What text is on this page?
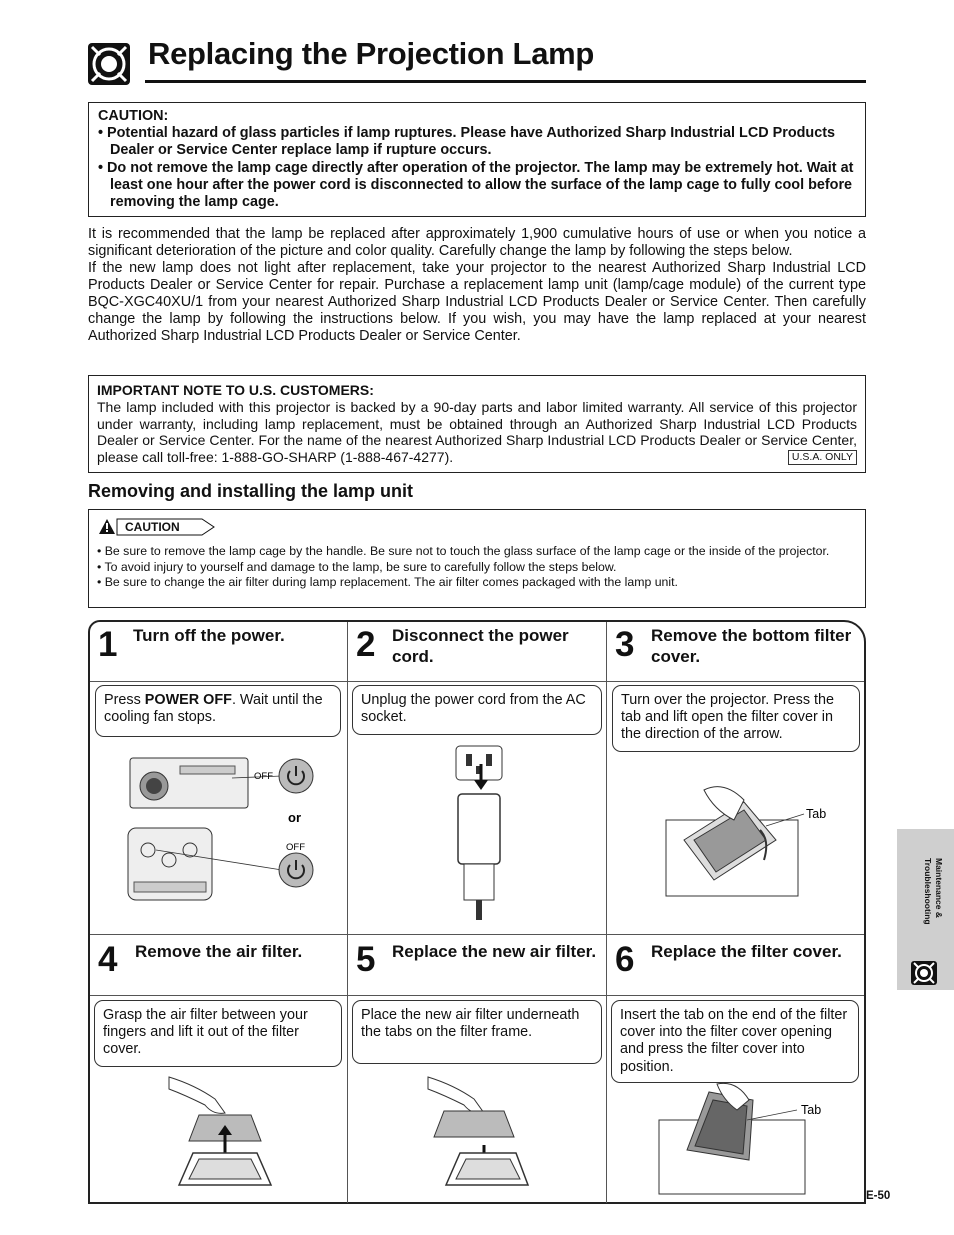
Replacing the Projection Lamp
CAUTION:
• Potential hazard of glass particles if lamp ruptures. Please have Authorized Sharp Industrial LCD Products Dealer or Service Center replace lamp if rupture occurs.
• Do not remove the lamp cage directly after operation of the projector. The lamp may be extremely hot. Wait at least one hour after the power cord is disconnected to allow the surface of the lamp cage to fully cool before removing the lamp cage.

It is recommended that the lamp be replaced after approximately 1,900 cumulative hours of use or when you notice a significant deterioration of the picture and color quality. Carefully change the lamp by following the steps below.

If the new lamp does not light after replacement, take your projector to the nearest Authorized Sharp Industrial LCD Products Dealer or Service Center for repair. Purchase a replacement lamp unit (lamp/cage module) of the current type BQC-XGC40XU/1 from your nearest Authorized Sharp Industrial LCD Products Dealer or Service Center. Then carefully change the lamp by following the instructions below. If you wish, you may have the lamp replaced at your nearest Authorized Sharp Industrial LCD Products Dealer or Service Center.

IMPORTANT NOTE TO U.S. CUSTOMERS:
The lamp included with this projector is backed by a 90-day parts and labor limited warranty. All service of this projector under warranty, including lamp replacement, must be obtained through an Authorized Sharp Industrial LCD Products Dealer or Service Center. For the name of the nearest Authorized Sharp Industrial LCD Products Dealer or Service Center, please call toll-free: 1-888-GO-SHARP (1-888-467-4277).	U.S.A. ONLY
Removing and installing the lamp unit
CAUTION
• Be sure to remove the lamp cage by the handle. Be sure not to touch the glass surface of the lamp cage or the inside of the projector.
• To avoid injury to yourself and damage to the lamp, be sure to carefully follow the steps below.
• Be sure to change the air filter during lamp replacement. The air filter comes packaged with the lamp unit.
1 Turn off the power.
Press POWER OFF. Wait until the cooling fan stops.
2 Disconnect the power cord.
Unplug the power cord from the AC socket.
3 Remove the bottom filter cover.
Turn over the projector. Press the tab and lift open the filter cover in the direction of the arrow.
4 Remove the air filter.
Grasp the air filter between your fingers and lift it out of the filter cover.
5 Replace the new air filter.
Place the new air filter underneath the tabs on the filter frame.
6 Replace the filter cover.
Insert the tab on the end of the filter cover into the filter cover opening and press the filter cover into position.
OFF
or
OFF
Tab
Tab
Maintenance & Troubleshooting
E-50
